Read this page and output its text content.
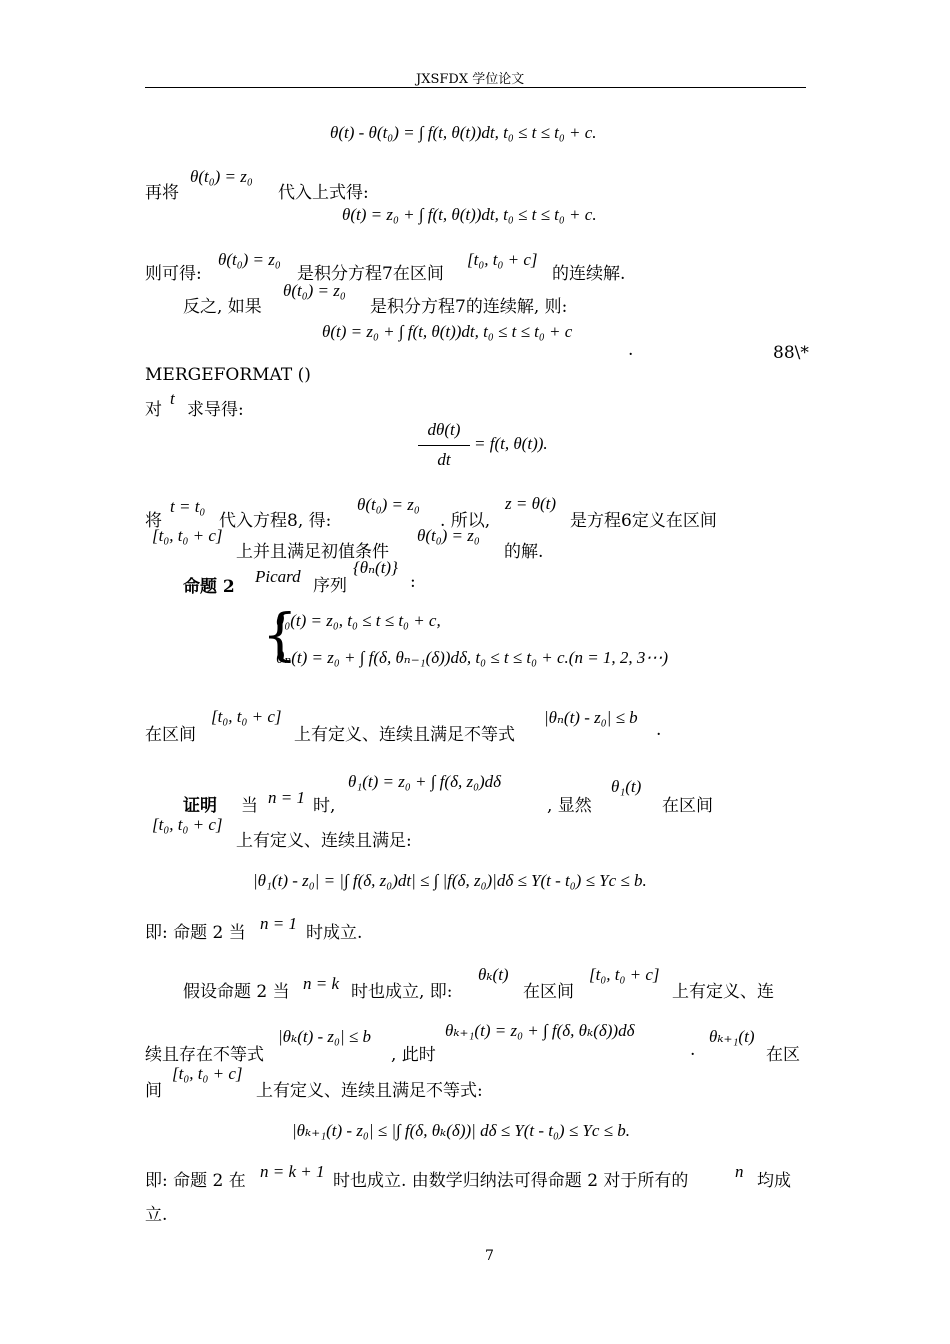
JXSFDX 学位论文
θ(t) - θ(t₀) = ∫ f(t, θ(t))dt, t₀ ≤ t ≤ t₀ + c.
再将
θ(t₀) = z₀
代入上式得:
θ(t) = z₀ + ∫ f(t, θ(t))dt, t₀ ≤ t ≤ t₀ + c.
则可得:
θ(t₀) = z₀
是积分方程7在区间
[t₀, t₀ + c]
的连续解.
反之, 如果
θ(t₀) = z₀
是积分方程7的连续解, 则:
θ(t) = z₀ + ∫ f(t, θ(t))dt, t₀ ≤ t ≤ t₀ + c
.	88\*
MERGEFORMAT ()
对
t
求导得:
dθ(t)
dt
= f(t, θ(t)).
将
t = t₀
代入方程8, 得:
θ(t₀) = z₀
. 所以,
z = θ(t)
是方程6定义在区间
[t₀, t₀ + c]
上并且满足初值条件
θ(t₀) = z₀
的解.
命题 2
Picard 序列
{θₙ(t)}
:
{
θ₀(t) = z₀, t₀ ≤ t ≤ t₀ + c,
θₙ(t) = z₀ + ∫ f(δ, θₙ₋₁(δ))dδ, t₀ ≤ t ≤ t₀ + c.(n = 1, 2, 3⋯)
在区间
[t₀, t₀ + c]
上有定义、连续且满足不等式
|θₙ(t) - z₀| ≤ b
.
证明 当 n = 1 时,
θ₁(t) = z₀ + ∫ f(δ, z₀)dδ
, 显然
θ₁(t)
在区间
[t₀, t₀ + c]
上有定义、连续且满足:
|θ₁(t) - z₀| = |∫ f(δ, z₀)dt| ≤ ∫ |f(δ, z₀)|dδ ≤ Y(t - t₀) ≤ Yc ≤ b.
即: 命题 2 当 n = 1 时成立.
假设命题 2 当 n = k 时也成立, 即:
θₖ(t)
在区间
[t₀, t₀ + c]
上有定义、连
续且存在不等式
|θₖ(t) - z₀| ≤ b
, 此时
θₖ₊₁(t) = z₀ + ∫ f(δ, θₖ(δ))dδ
.
θₖ₊₁(t)
在区
间
[t₀, t₀ + c]
上有定义、连续且满足不等式:
|θₖ₊₁(t) - z₀| ≤ |∫ f(δ, θₖ(δ))| dδ ≤ Y(t - t₀) ≤ Yc ≤ b.
即: 命题 2 在 n = k + 1 时也成立. 由数学归纳法可得命题 2 对于所有的	n 均成
立.
7
